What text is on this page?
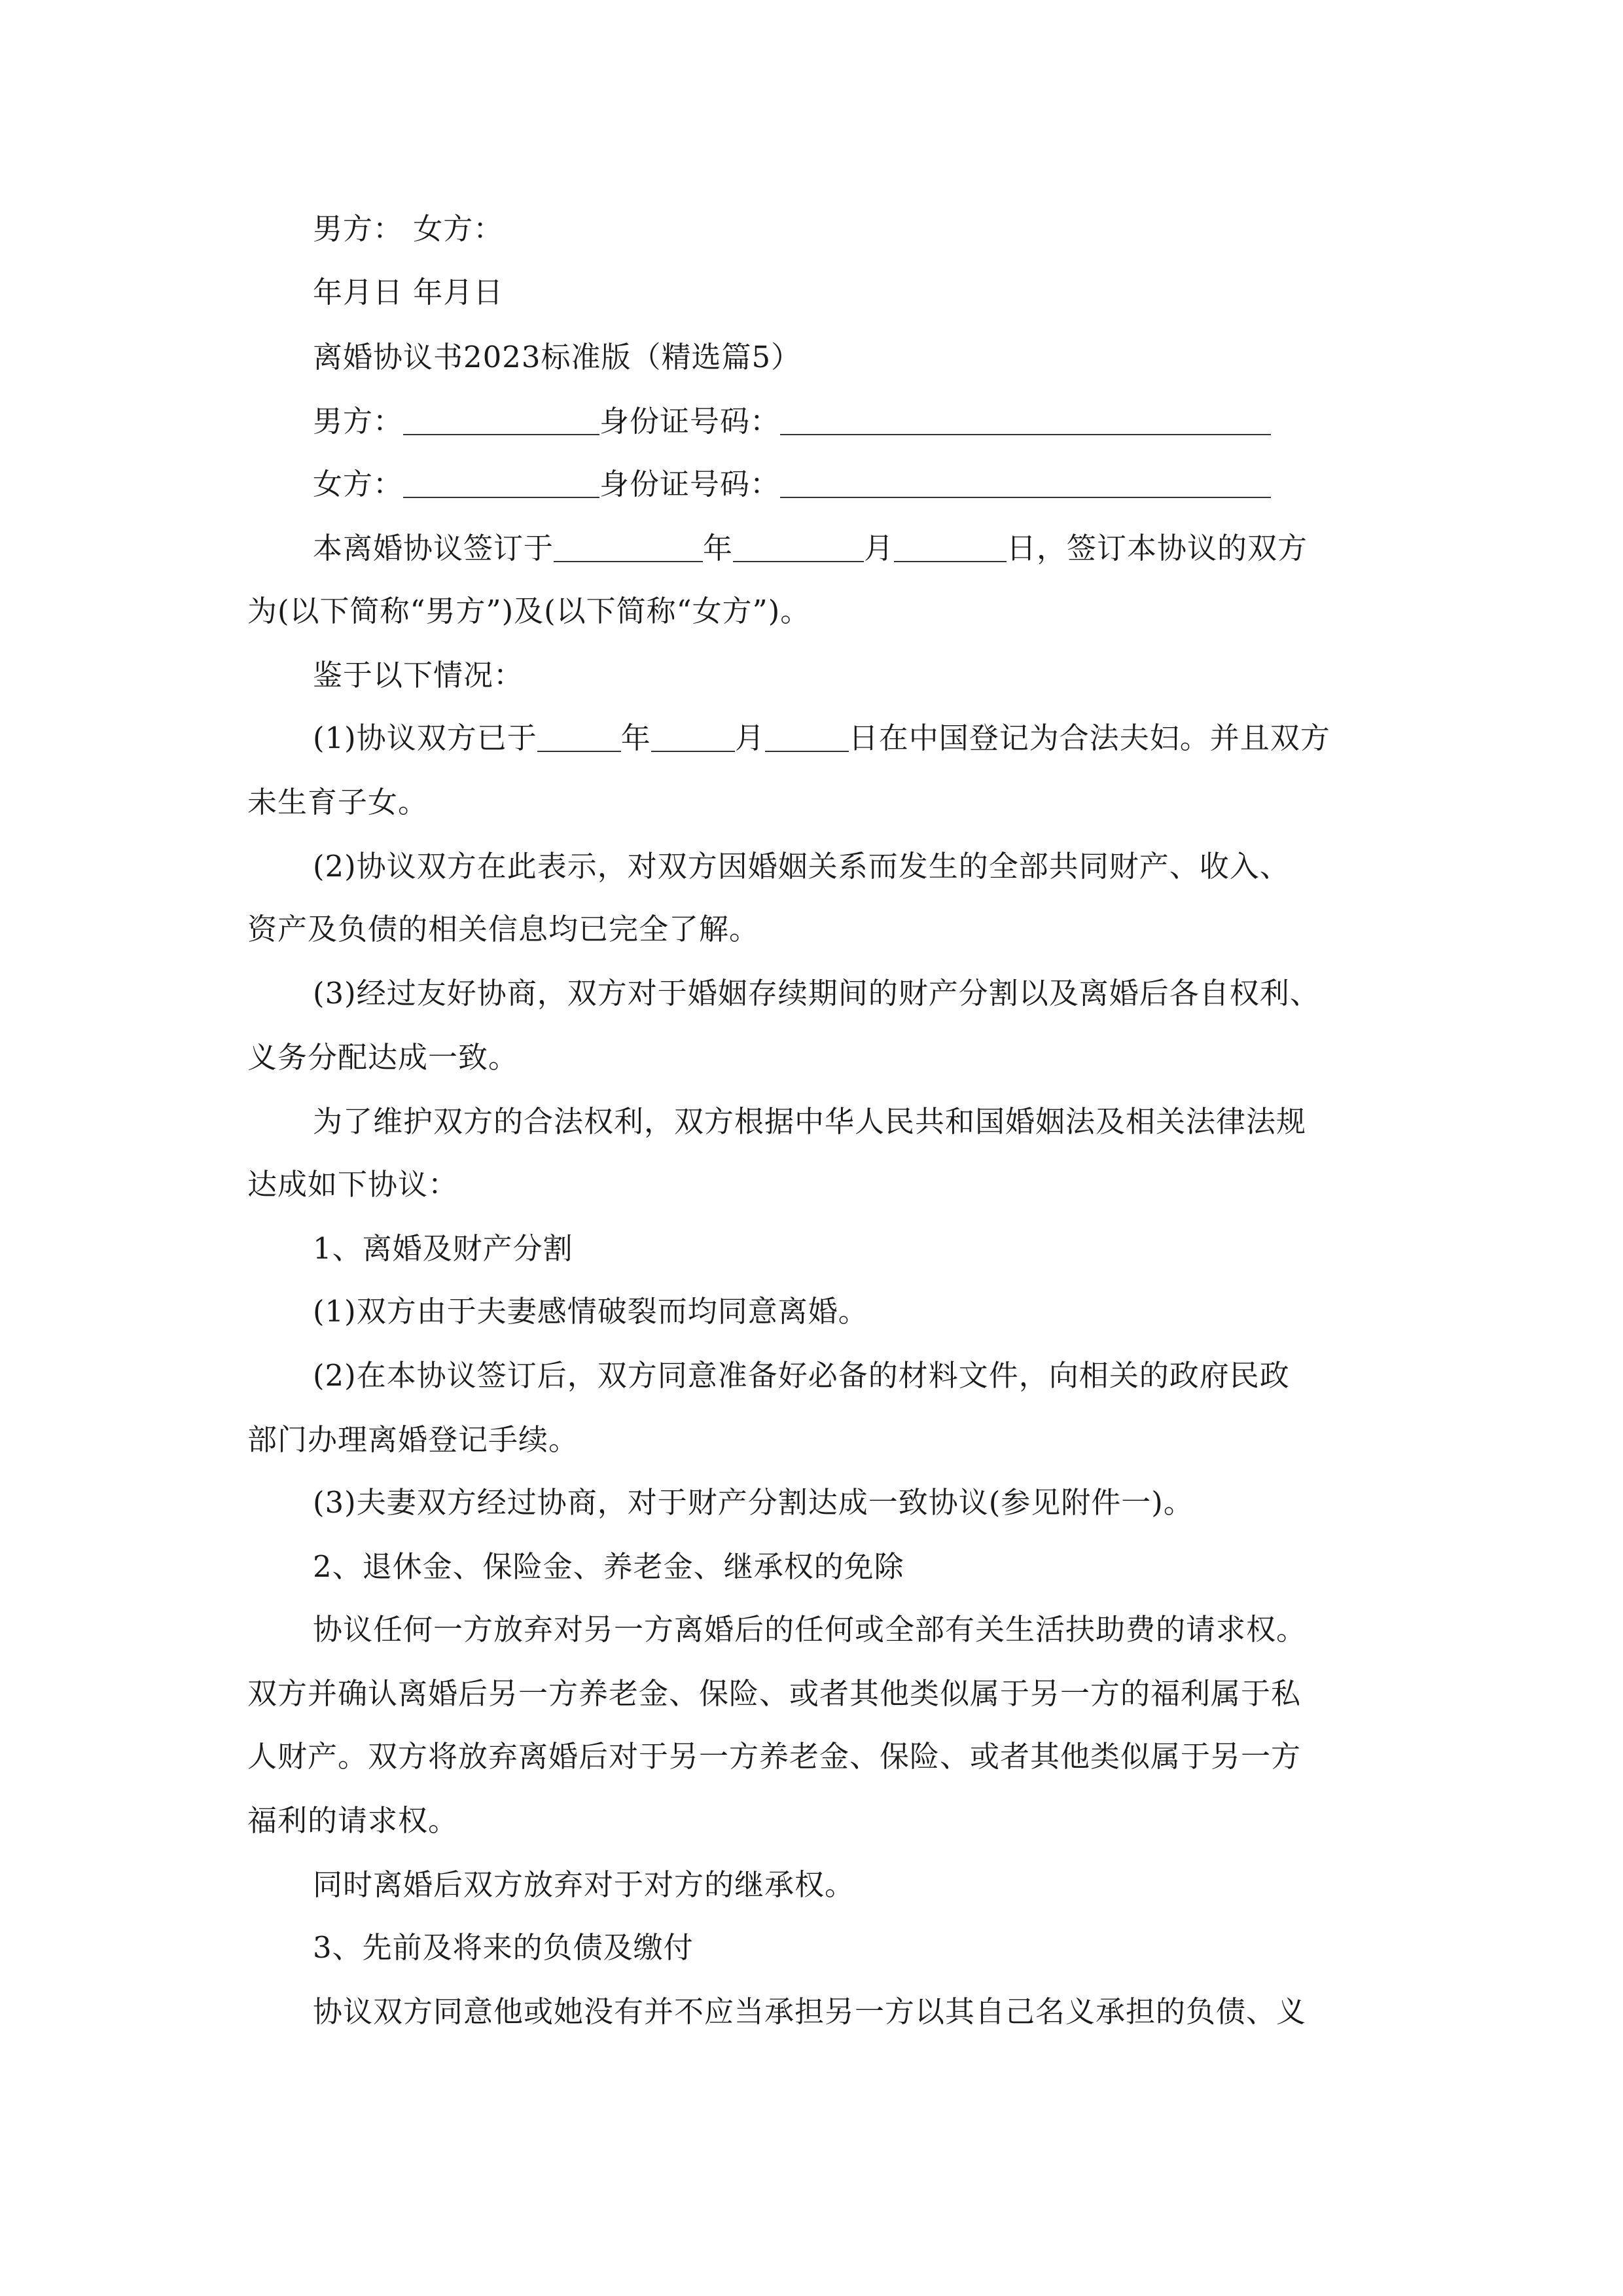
男方： 女方：
年月日 年月日
离婚协议书2023标准版（精选篇5）
男方：	身份证号码：
女方：	身份证号码：
本离婚协议签订于	年	月	日，签订本协议的双方
为(以下简称“男方”)及(以下简称“女方”)。
鉴于以下情况：
(1)协议双方已于	年	月	日在中国登记为合法夫妇。并且双方
未生育子女。
(2)协议双方在此表示，对双方因婚姻关系而发生的全部共同财产、收入、
资产及负债的相关信息均已完全了解。
(3)经过友好协商，双方对于婚姻存续期间的财产分割以及离婚后各自权利、
义务分配达成一致。
为了维护双方的合法权利，双方根据中华人民共和国婚姻法及相关法律法规
达成如下协议：
1、离婚及财产分割
(1)双方由于夫妻感情破裂而均同意离婚。
(2)在本协议签订后，双方同意准备好必备的材料文件，向相关的政府民政
部门办理离婚登记手续。
(3)夫妻双方经过协商，对于财产分割达成一致协议(参见附件一)。
2、退休金、保险金、养老金、继承权的免除
协议任何一方放弃对另一方离婚后的任何或全部有关生活扶助费的请求权。
双方并确认离婚后另一方养老金、保险、或者其他类似属于另一方的福利属于私
人财产。双方将放弃离婚后对于另一方养老金、保险、或者其他类似属于另一方
福利的请求权。
同时离婚后双方放弃对于对方的继承权。
3、先前及将来的负债及缴付
协议双方同意他或她没有并不应当承担另一方以其自己名义承担的负债、义
